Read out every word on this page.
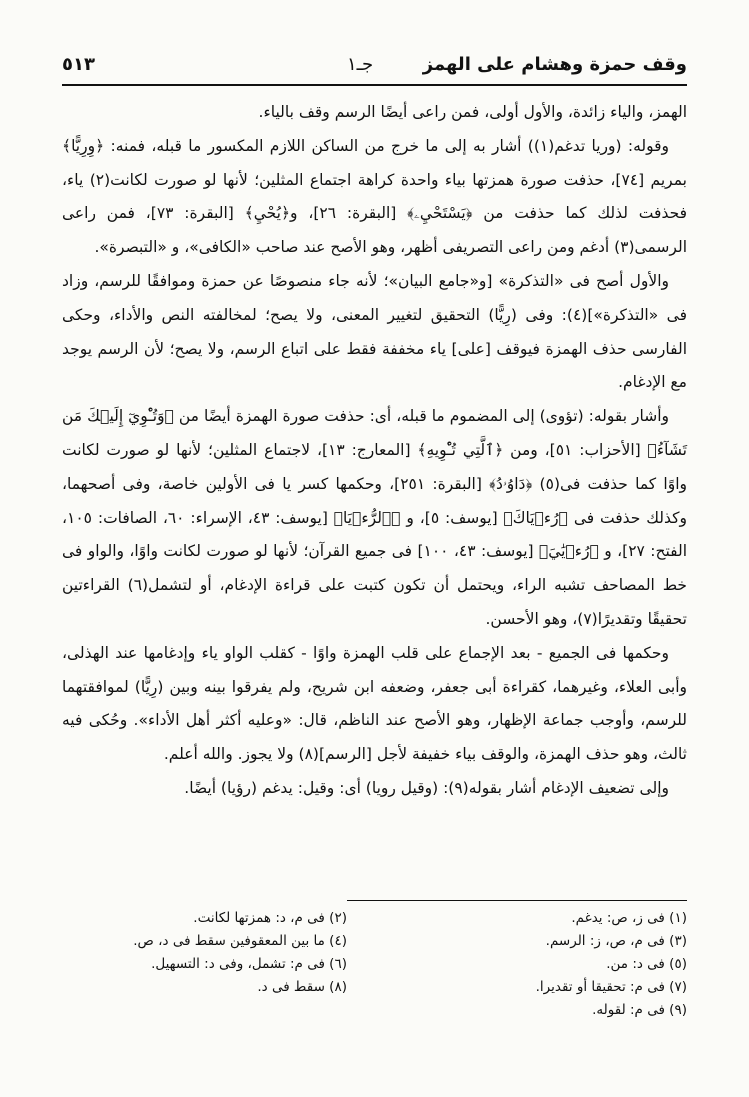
وقف حمزة وهشام على الهمز
جـ١
٥١٣

الهمز، والياء زائدة، والأول أولى، فمن راعى أيضًا الرسم وقف بالياء.

وقوله: (وريا تدغم(١)) أشار به إلى ما خرج من الساكن اللازم المكسور ما قبله، فمنه: ﴿وِرِيًّا﴾ بمريم [٧٤]، حذفت صورة همزتها بياء واحدة كراهة اجتماع المثلين؛ لأنها لو صورت لكانت(٢) ياء، فحذفت لذلك كما حذفت من ﴿يَسْتَحْيِۦ﴾ [البقرة: ٢٦]، و﴿يُحْيِ﴾ [البقرة: ٧٣]، فمن راعى الرسمى(٣) أدغم ومن راعى التصريفى أظهر، وهو الأصح عند صاحب «الكافى»، و «التبصرة».

والأول أصح فى «التذكرة» [و«جامع البيان»؛ لأنه جاء منصوصًا عن حمزة وموافقًا للرسم، وزاد فى «التذكرة»](٤): وفى (رِيًّا) التحقيق لتغيير المعنى، ولا يصح؛ لمخالفته النص والأداء، وحكى الفارسى حذف الهمزة فيوقف [على] ياء مخففة فقط على اتباع الرسم، ولا يصح؛ لأن الرسم يوجد مع الإدغام.

وأشار بقوله: (تؤوى) إلى المضموم ما قبله، أى: حذفت صورة الهمزة أيضًا من ﴿وَتُـْٔوِيٓ إِلَيۡكَ مَن تَشَآءُ﴾ [الأحزاب: ٥١]، ومن ﴿ٱلَّتِي تُـْٔوِيهِ﴾ [المعارج: ١٣]، لاجتماع المثلين؛ لأنها لو صورت لكانت واوًا كما حذفت فى(٥) ﴿دَاوُۥدُ﴾ [البقرة: ٢٥١]، وحكمها كسر يا فى الأولين خاصة، وفى أصحهما، وكذلك حذفت فى ﴿رُءۡيَاكَ﴾ [يوسف: ٥]، و ﴿ٱلرُّءۡيَا﴾ [يوسف: ٤٣، الإسراء: ٦٠، الصافات: ١٠٥، الفتح: ٢٧]، و ﴿رُءۡيَٰيَ﴾ [يوسف: ٤٣، ١٠٠] فى جميع القرآن؛ لأنها لو صورت لكانت واوًا، والواو فى خط المصاحف تشبه الراء، ويحتمل أن تكون كتبت على قراءة الإدغام، أو لتشمل(٦) القراءتين تحقيقًا وتقديرًا(٧)، وهو الأحسن.

وحكمها فى الجميع - بعد الإجماع على قلب الهمزة واوًا - كقلب الواو ياء وإدغامها عند الهذلى، وأبى العلاء، وغيرهما، كقراءة أبى جعفر، وضعفه ابن شريح، ولم يفرقوا بينه وبين (رِيًّا) لموافقتهما للرسم، وأوجب جماعة الإظهار، وهو الأصح عند الناظم، قال: «وعليه أكثر أهل الأداء». وحُكى فيه ثالث، وهو حذف الهمزة، والوقف بياء خفيفة لأجل [الرسم](٨) ولا يجوز. والله أعلم.

وإلى تضعيف الإدغام أشار بقوله(٩): (وقيل رويا) أى: وقيل: يدغم (رؤيا) أيضًا.

(١) فى ز، ص: يدغم.
(٣) فى م، ص، ز: الرسم.
(٥) فى د: من.
(٧) فى م: تحقيقا أو تقديرا.
(٩) فى م: لقوله.
(٢) فى م، د: همزتها لكانت.
(٤) ما بين المعقوفين سقط فى د، ص.
(٦) فى م: تشمل، وفى د: التسهيل.
(٨) سقط فى د.
